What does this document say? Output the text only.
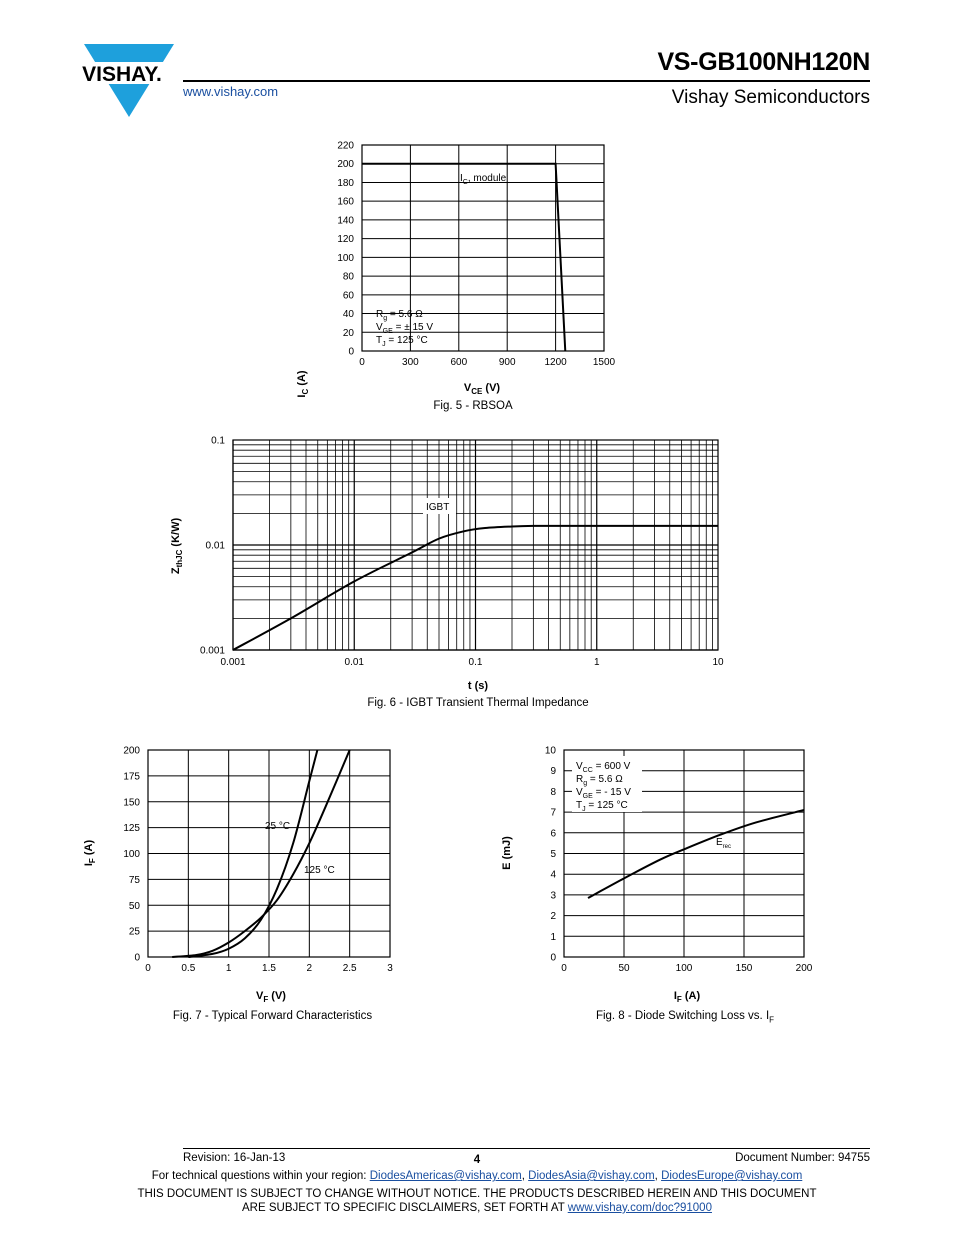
VISHAY.	VS-GB100NH120N
www.vishay.com	Vishay Semiconductors
0	300	600	900	1200	1500
0
20
40
60
80
100
120
140
160
180
200
220
$I_C$ (A)	$V_{CE}$ (V)
$I_C$, module
$R_g = 5.6$ Ω
$V_{GE}$ = ± 15 V
$T_J = 125$ °C
Fig. 5 - RBSOA
0.001	0.01	0.1	1	10
0.001
0.01
0.1
$Z_{thJC}$ (K/W)
t (s)
IGBT
Fig. 6 - IGBT Transient Thermal Impedance
0	0.5	1	1.5	2	2.5	3
0
25
50
75
100
125
150
175
200
$I_F$ (A)
$V_F$ (V)
25 °C
125 °C
Fig. 7 - Typical Forward Characteristics
0	50	100	150	200
0
1
2
3
4
5
6
7
8
9
10
E (mJ)
$I_F$ (A)
$V_{CC} = 600$ V
$R_g = 5.6$ Ω
$V_{GE}$ = - 15 V
$T_J = 125$ °C
$E_{rec}$
Fig. 8 - Diode Switching Loss vs. $I_F$
Revision: 16-Jan-13	4	Document Number: 94755
For technical questions within your region: DiodesAmericas@vishay.com, DiodesAsia@vishay.com, DiodesEurope@vishay.com
THIS DOCUMENT IS SUBJECT TO CHANGE WITHOUT NOTICE. THE PRODUCTS DESCRIBED HEREIN AND THIS DOCUMENT
ARE SUBJECT TO SPECIFIC DISCLAIMERS, SET FORTH AT www.vishay.com/doc?91000
